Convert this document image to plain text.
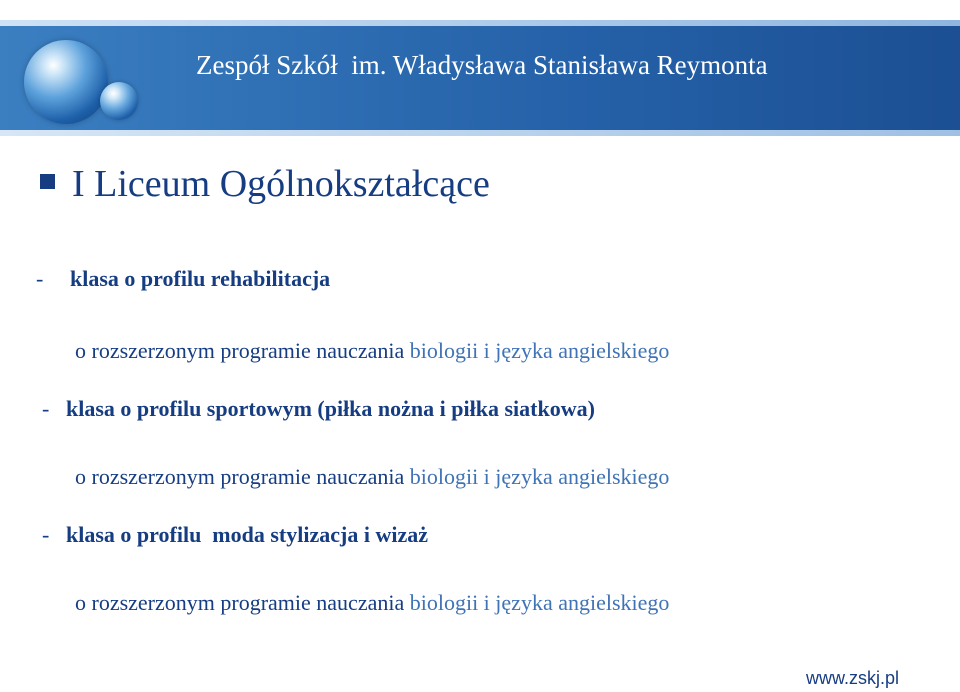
Zespół Szkół  im. Władysława Stanisława Reymonta
I Liceum Ogólnokształcące
- klasa o profilu rehabilitacja

o rozszerzonym programie nauczania biologii i języka angielskiego

- klasa o profilu sportowym (piłka nożna i piłka siatkowa)

o rozszerzonym programie nauczania biologii i języka angielskiego

- klasa o profilu  moda stylizacja i wizaż

o rozszerzonym programie nauczania biologii i języka angielskiego

www.zskj.pl
